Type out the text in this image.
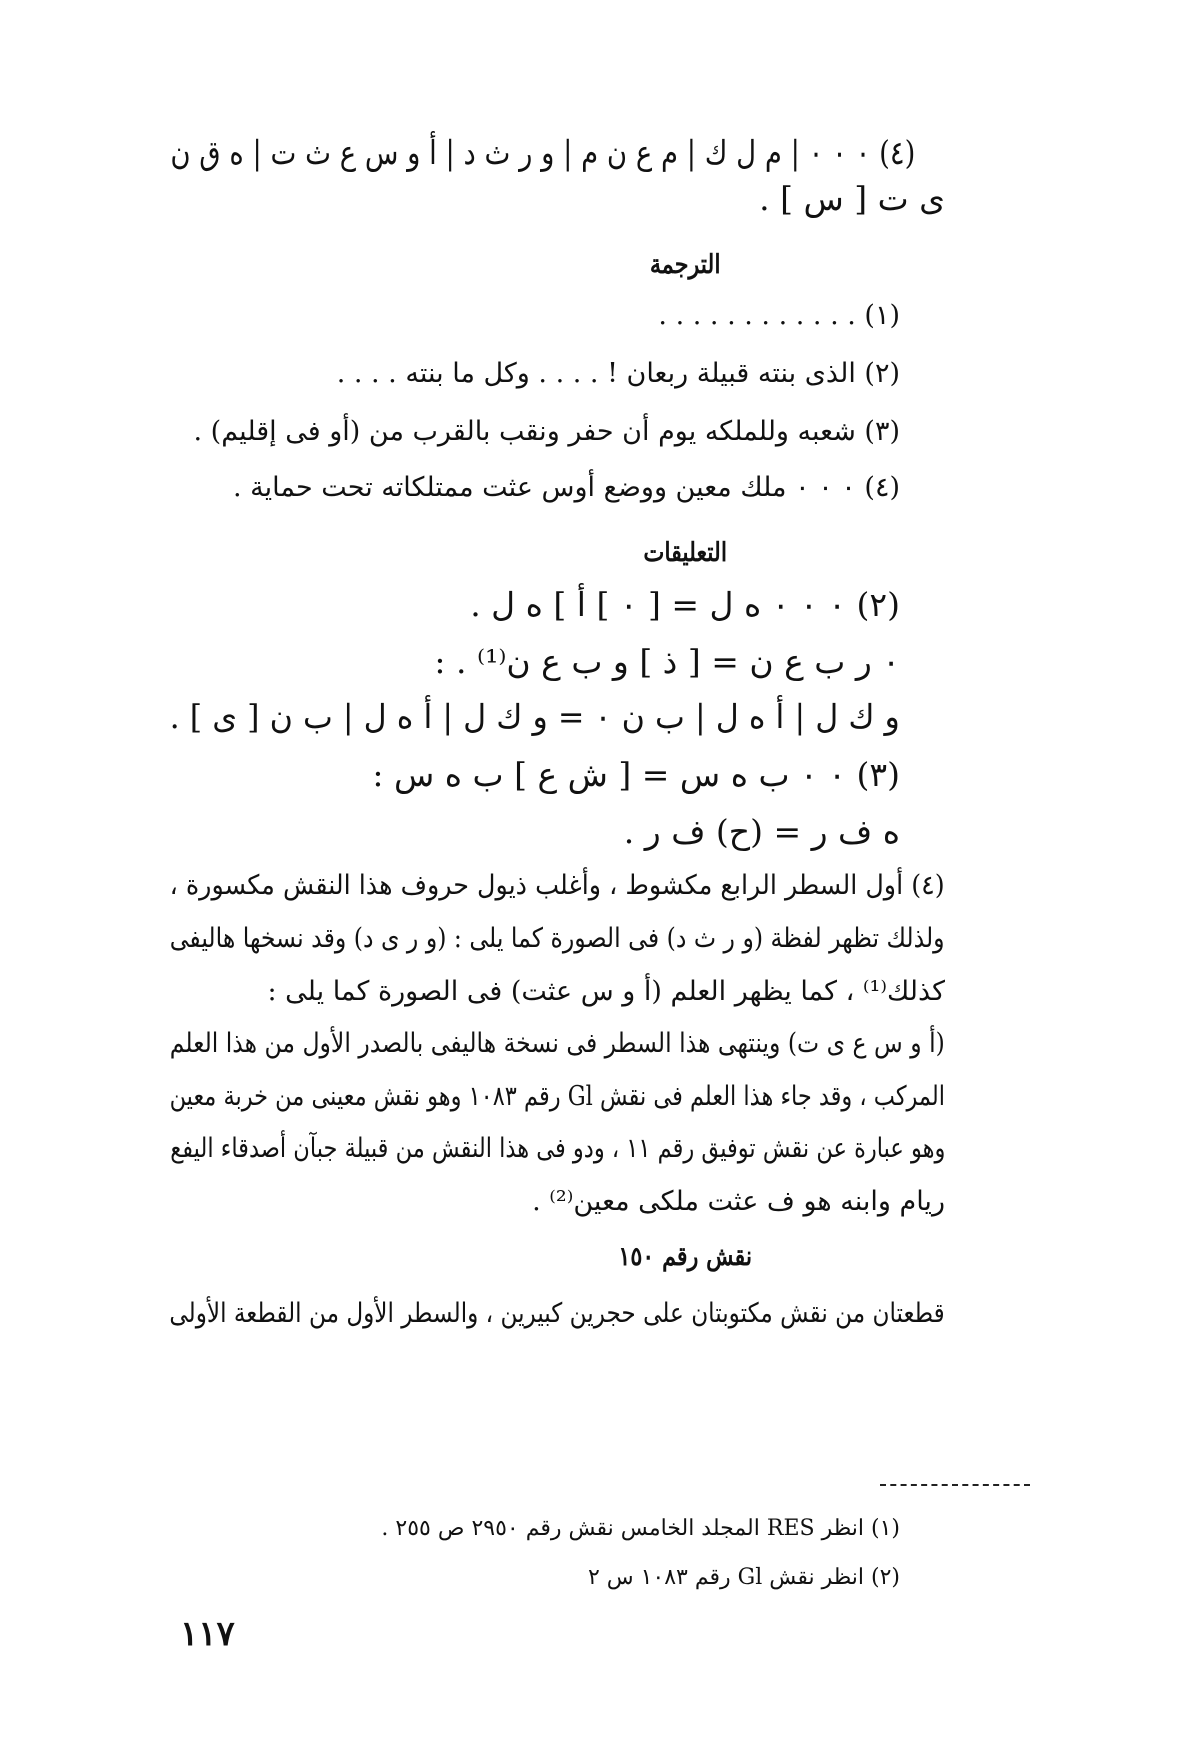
(٤) ٠ ٠ ٠ | م ل ك | م ع ن م | و ر ث د | أ و س ع ث ت | ه ق ن
ى ت [ س ] .
الترجمة
(١) . . . . . . . . . . . .
(٢) الذى بنته قبيلة ربعان ! . . . . وكل ما بنته . . . .
(٣) شعبه وللملكه يوم أن حفر ونقب بالقرب من (أو فى إقليم) .
(٤) ٠ ٠ ٠ ملك معين ووضع أوس عثت ممتلكاته تحت حماية .
التعليقات
(٢) ٠ ٠ ٠ ه ل = [ ٠ ] أ ] ه ل .
٠ ر ب ع ن = [ ذ ] و ب ع ن⁽¹⁾ . :
و ك ل | أ ه ل | ب ن ٠ = و ك ل | أ ه ل | ب ن [ ى ] .
(٣) ٠ ٠ ب ه س = [ ش ع ] ب ه س :
ه ف ر = (ح) ف ر .
(٤) أول السطر الرابع مكشوط ، وأغلب ذيول حروف هذا النقش مكسورة ،
ولذلك تظهر لفظة (و ر ث د) فى الصورة كما يلى : (و ر ى د) وقد نسخها هاليفى
كذلك⁽¹⁾ ، كما يظهر العلم (أ و س عثت) فى الصورة كما يلى :
(أ و س ع ى ت) وينتهى هذا السطر فى نسخة هاليفى بالصدر الأول من هذا العلم
المركب ، وقد جاء هذا العلم فى نقش Gl رقم ١٠٨٣ وهو نقش معينى من خربة معين
وهو عبارة عن نقش توفيق رقم ١١ ، ودو فى هذا النقش من قبيلة جبآن أصدقاء اليفع
ريام وابنه هو ف عثت ملكى معين⁽²⁾ .
نقش رقم ١٥٠
قطعتان من نقش مكتوبتان على حجرين كبيرين ، والسطر الأول من القطعة الأولى
(١) انظر RES المجلد الخامس نقش رقم ٢٩٥٠ ص ٢٥٥ .
(٢) انظر نقش Gl رقم ١٠٨٣ س ٢
١١٧
